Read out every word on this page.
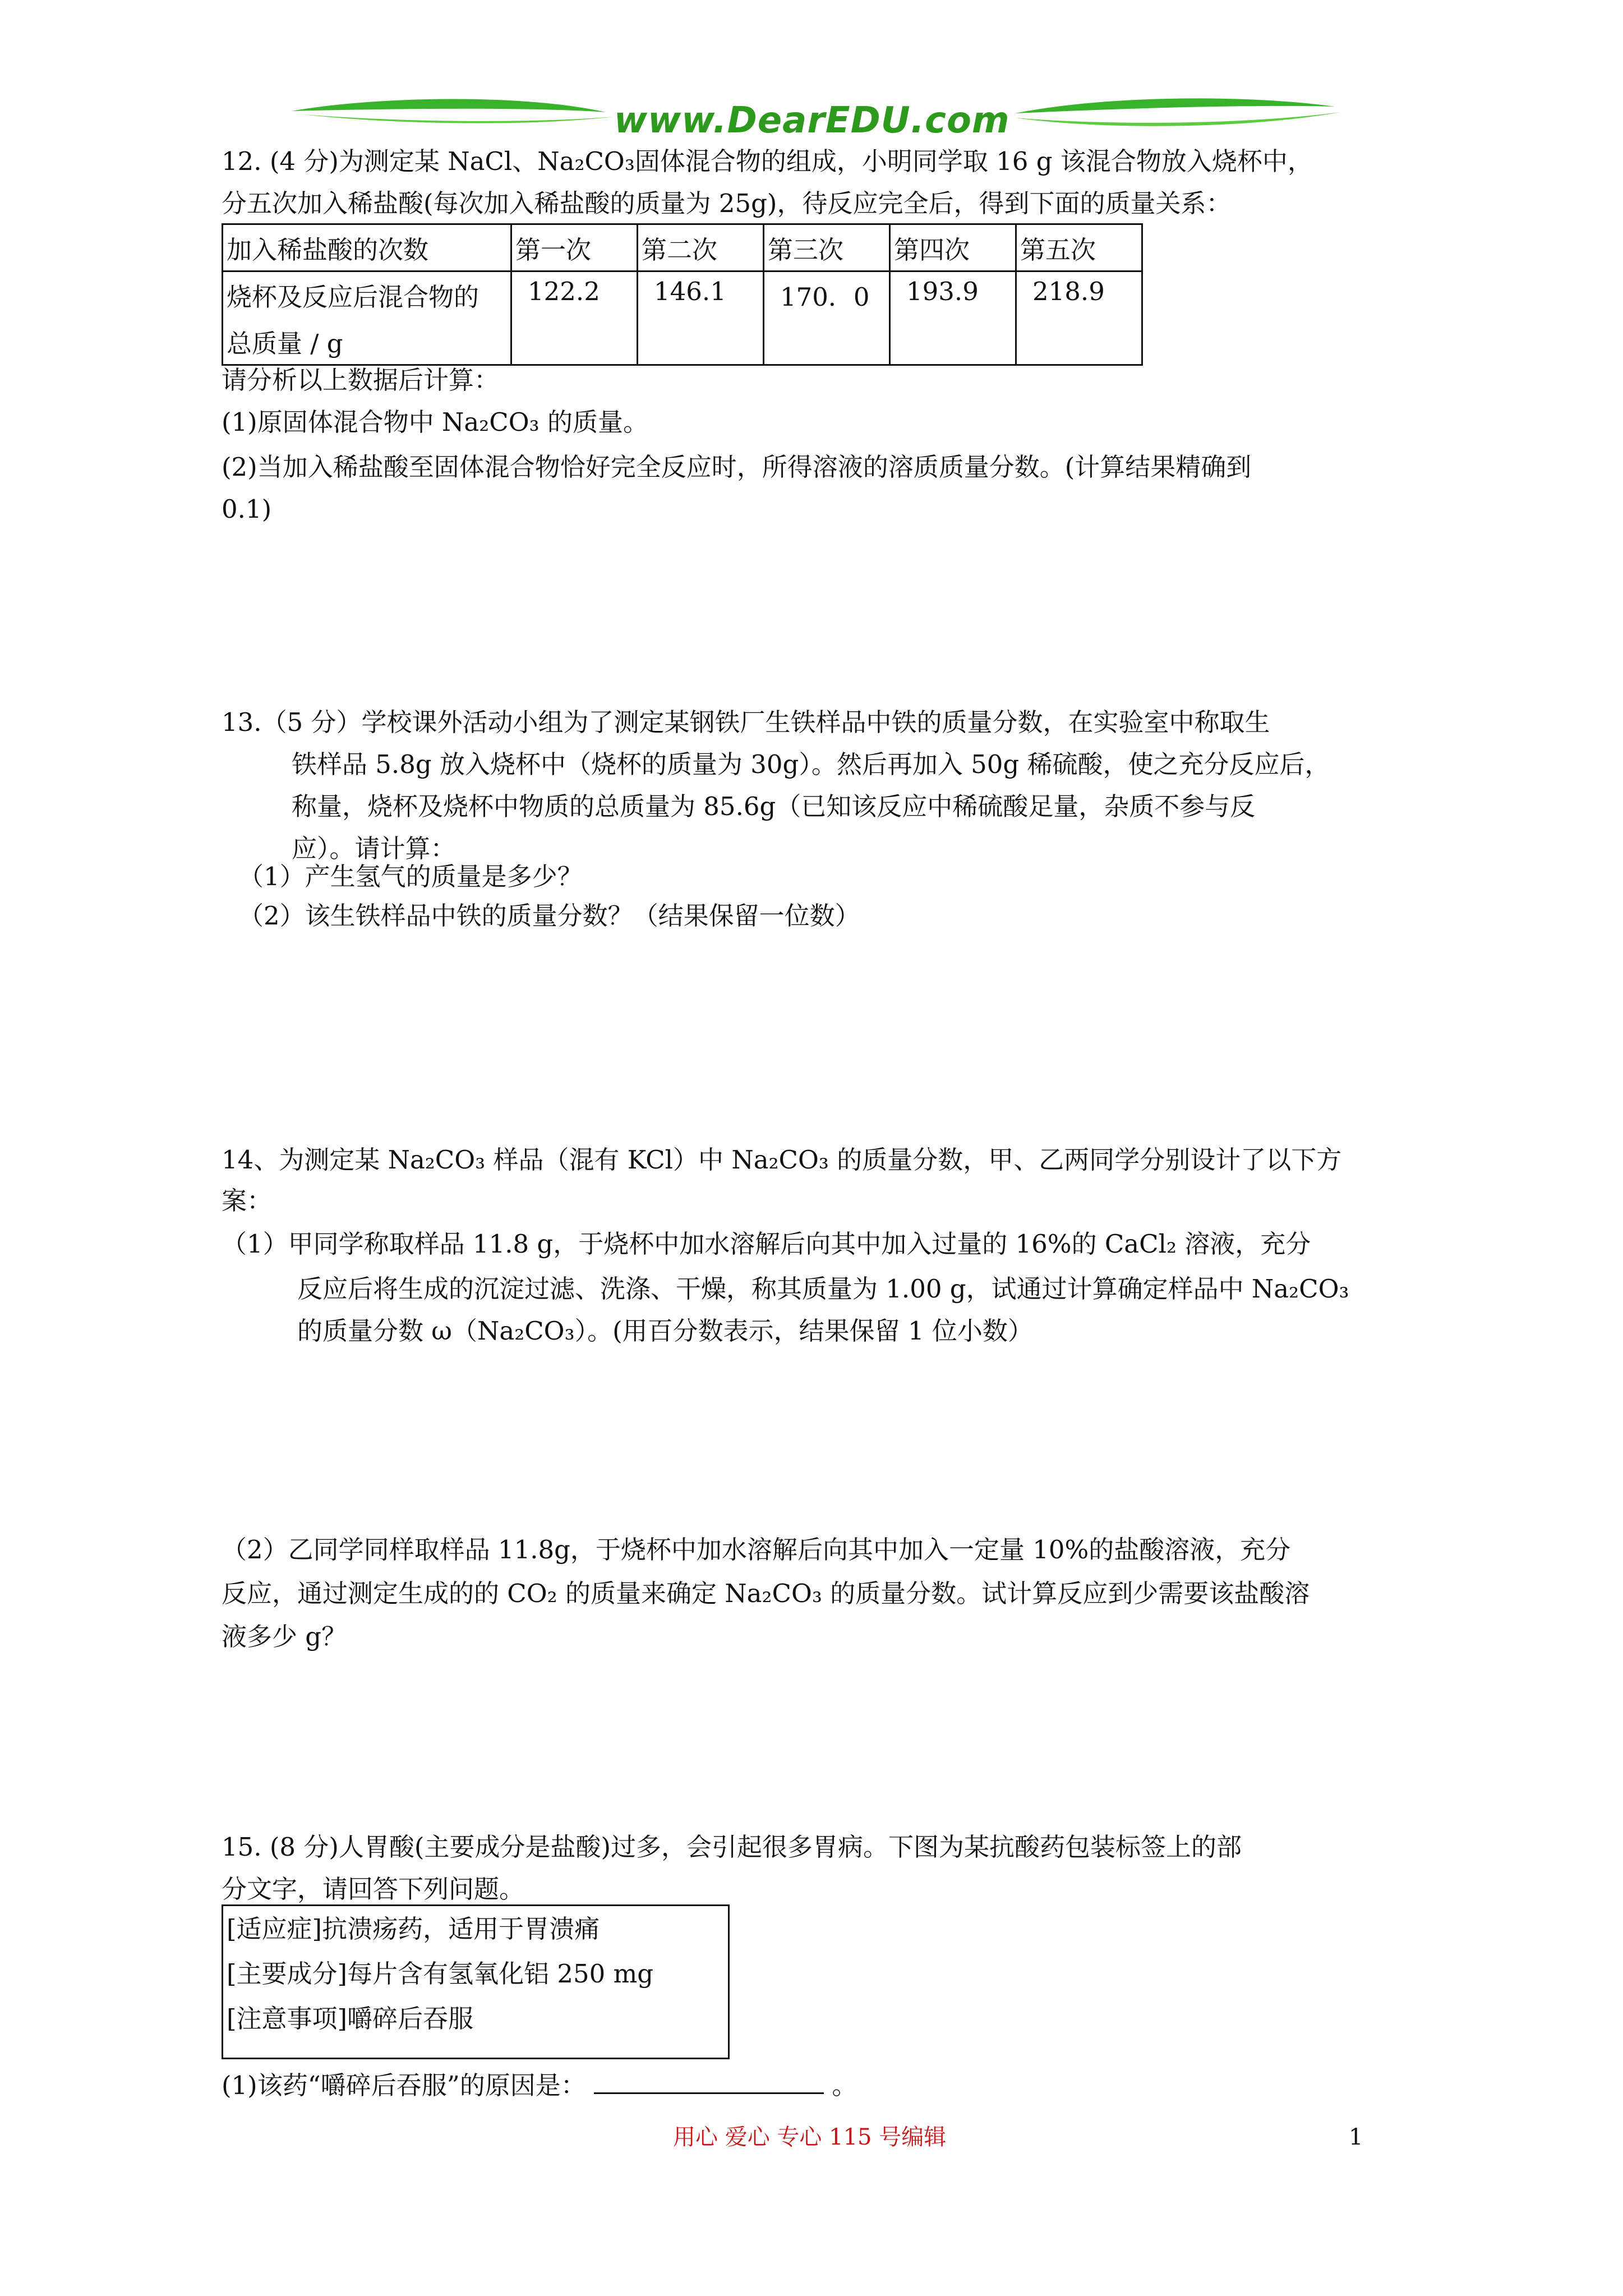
www.DearEDU.com
12. (4 分)为测定某 NaCl、Na₂CO₃固体混合物的组成，小明同学取 16 g 该混合物放入烧杯中，
分五次加入稀盐酸(每次加入稀盐酸的质量为 25g)，待反应完全后，得到下面的质量关系：
加入稀盐酸的次数	第一次	第二次	第三次	第四次	第五次

烧杯及反应后混合物的
总质量 / g	122.2	146.1	170．0	193.9	218.9
请分析以上数据后计算：
(1)原固体混合物中 Na₂CO₃ 的质量。
(2)当加入稀盐酸至固体混合物恰好完全反应时，所得溶液的溶质质量分数。(计算结果精确到
0.1)
13.（5 分）学校课外活动小组为了测定某钢铁厂生铁样品中铁的质量分数，在实验室中称取生
铁样品 5.8g 放入烧杯中（烧杯的质量为 30g）。然后再加入 50g 稀硫酸，使之充分反应后，
称量，烧杯及烧杯中物质的总质量为 85.6g（已知该反应中稀硫酸足量，杂质不参与反
应）。请计算：
（1）产生氢气的质量是多少？
（2）该生铁样品中铁的质量分数？（结果保留一位数）
14、为测定某 Na₂CO₃ 样品（混有 KCl）中 Na₂CO₃ 的质量分数，甲、乙两同学分别设计了以下方
案：
（1）甲同学称取样品 11.8 g，于烧杯中加水溶解后向其中加入过量的 16%的 CaCl₂ 溶液，充分
反应后将生成的沉淀过滤、洗涤、干燥，称其质量为 1.00 g，试通过计算确定样品中 Na₂CO₃
的质量分数 ω（Na₂CO₃）。(用百分数表示，结果保留 1 位小数）
（2）乙同学同样取样品 11.8g，于烧杯中加水溶解后向其中加入一定量 10%的盐酸溶液，充分
反应，通过测定生成的的 CO₂ 的质量来确定 Na₂CO₃ 的质量分数。试计算反应到少需要该盐酸溶
液多少 g？
15. (8 分)人胃酸(主要成分是盐酸)过多，会引起很多胃病。下图为某抗酸药包装标签上的部
分文字，请回答下列问题。
[适应症]抗溃疡药，适用于胃溃痛
[主要成分]每片含有氢氧化铝 250 mg
[注意事项]嚼碎后吞服
(1)该药“嚼碎后吞服”的原因是：	。
用心 爱心 专心 115 号编辑	1
